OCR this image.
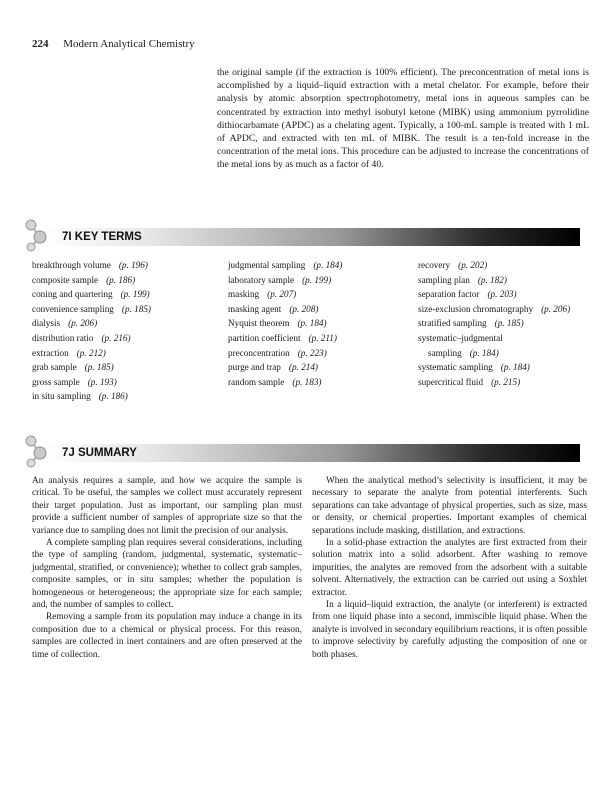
224 Modern Analytical Chemistry
the original sample (if the extraction is 100% efficient). The preconcentration of metal ions is accomplished by a liquid–liquid extraction with a metal chelator. For example, before their analysis by atomic absorption spectrophotometry, metal ions in aqueous samples can be concentrated by extraction into methyl isobutyl ketone (MIBK) using ammonium pyrrolidine dithiocarbamate (APDC) as a chelating agent. Typically, a 100-mL sample is treated with 1 mL of APDC, and extracted with ten mL of MIBK. The result is a ten-fold increase in the concentration of the metal ions. This procedure can be adjusted to increase the concentrations of the metal ions by as much as a factor of 40.
7I KEY TERMS
breakthrough volume (p. 196)
composite sample (p. 186)
coning and quartering (p. 199)
convenience sampling (p. 185)
dialysis (p. 206)
distribution ratio (p. 216)
extraction (p. 212)
grab sample (p. 185)
gross sample (p. 193)
in situ sampling (p. 186)
judgmental sampling (p. 184)
laboratory sample (p. 199)
masking (p. 207)
masking agent (p. 208)
Nyquist theorem (p. 184)
partition coefficient (p. 211)
preconcentration (p. 223)
purge and trap (p. 214)
random sample (p. 183)
recovery (p. 202)
sampling plan (p. 182)
separation factor (p. 203)
size-exclusion chromatography (p. 206)
stratified sampling (p. 185)
systematic–judgmental
sampling (p. 184)
systematic sampling (p. 184)
supercritical fluid (p. 215)
7J SUMMARY

An analysis requires a sample, and how we acquire the sample is critical. To be useful, the samples we collect must accurately represent their target population. Just as important, our sampling plan must provide a sufficient number of samples of appropriate size so that the variance due to sampling does not limit the precision of our analysis.

A complete sampling plan requires several considerations, including the type of sampling (random, judgmental, systematic, systematic–judgmental, stratified, or convenience); whether to collect grab samples, composite samples, or in situ samples; whether the population is homogeneous or heterogeneous; the appropriate size for each sample; and, the number of samples to collect.

Removing a sample from its population may induce a change in its composition due to a chemical or physical process. For this reason, samples are collected in inert containers and are often preserved at the time of collection.

When the analytical method’s selectivity is insufficient, it may be necessary to separate the analyte from potential interferents. Such separations can take advantage of physical properties, such as size, mass or density, or chemical properties. Important examples of chemical separations include masking, distillation, and extractions.

In a solid-phase extraction the analytes are first extracted from their solution matrix into a solid adsorbent. After washing to remove impurities, the analytes are removed from the adsorbent with a suitable solvent. Alternatively, the extraction can be carried out using a Soxhlet extractor.

In a liquid–liquid extraction, the analyte (or interferent) is extracted from one liquid phase into a second, immiscible liquid phase. When the analyte is involved in secondary equilibrium reactions, it is often possible to improve selectivity by carefully adjusting the composition of one or both phases.
